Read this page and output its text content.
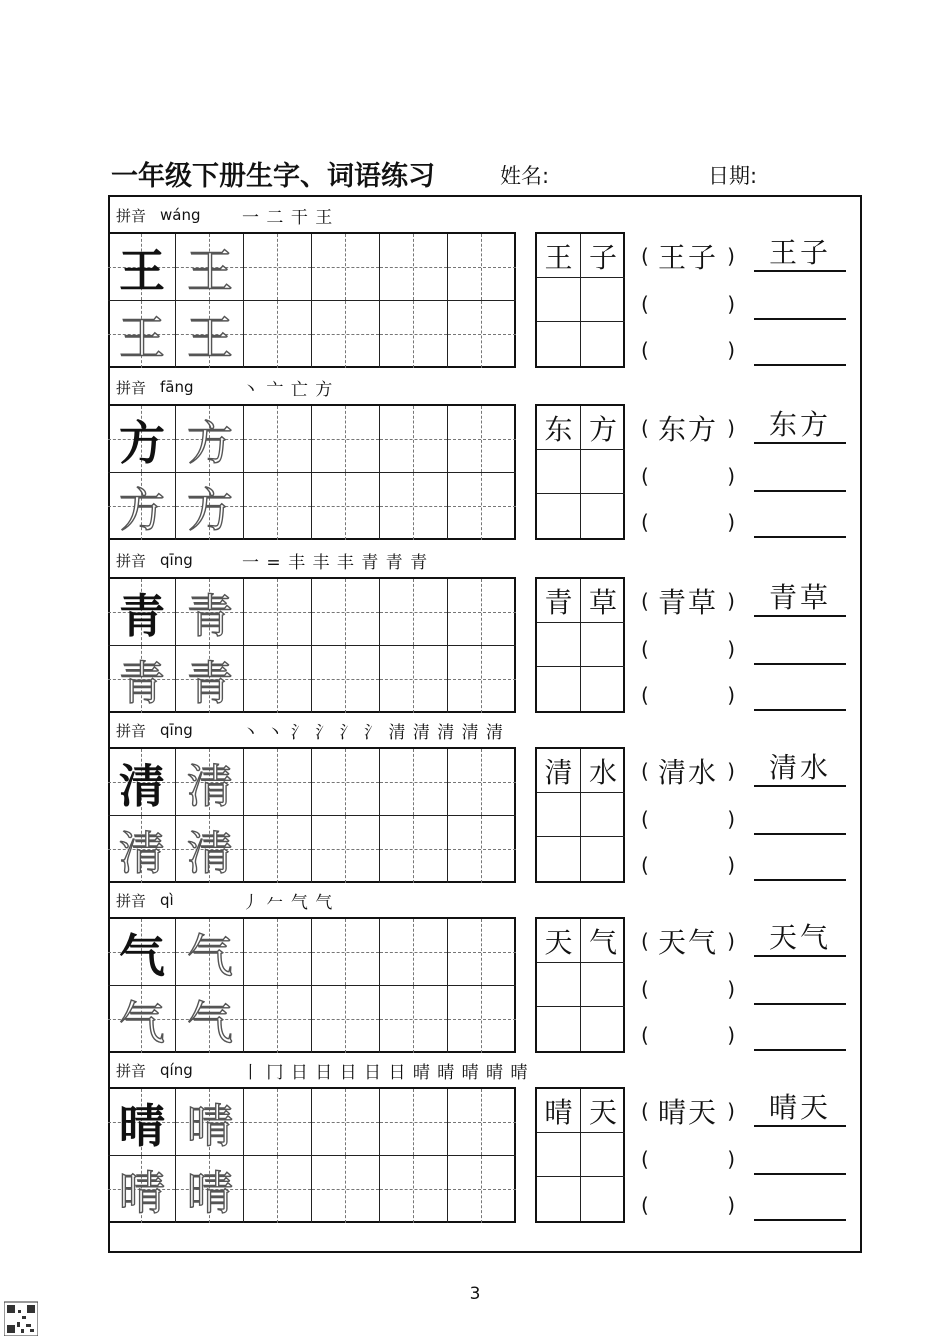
一年级下册生字、词语练习	姓名:	日期:
拼音 wáng	一 二 干 王
王 王
王 王
王 子	( 王子 ) 王子
(	)
(	)
拼音 fāng	丶 亠 亡 方
方 方
方 方
东 方	( 东方 ) 东方
(	)
(	)
拼音 qīng	一 = 丰 丰 丰 青 青 青
青 青
青 青
青 草	( 青草 ) 青草
(	)
(	)
拼音 qīng	丶 丶 氵 氵 氵 氵 清 清 清 清 清
清 清
清 清
清 水	( 清水 ) 清水
(	)
(	)
拼音 qì	丿 𠂉 气 气
气 气
气 气
天 气	( 天气 ) 天气
(	)
(	)
拼音 qíng	丨 冂 日 日 日 日 日 晴 晴 晴 晴 晴
晴 晴
晴 晴
晴 天	( 晴天 ) 晴天
(	)
(	)
3
